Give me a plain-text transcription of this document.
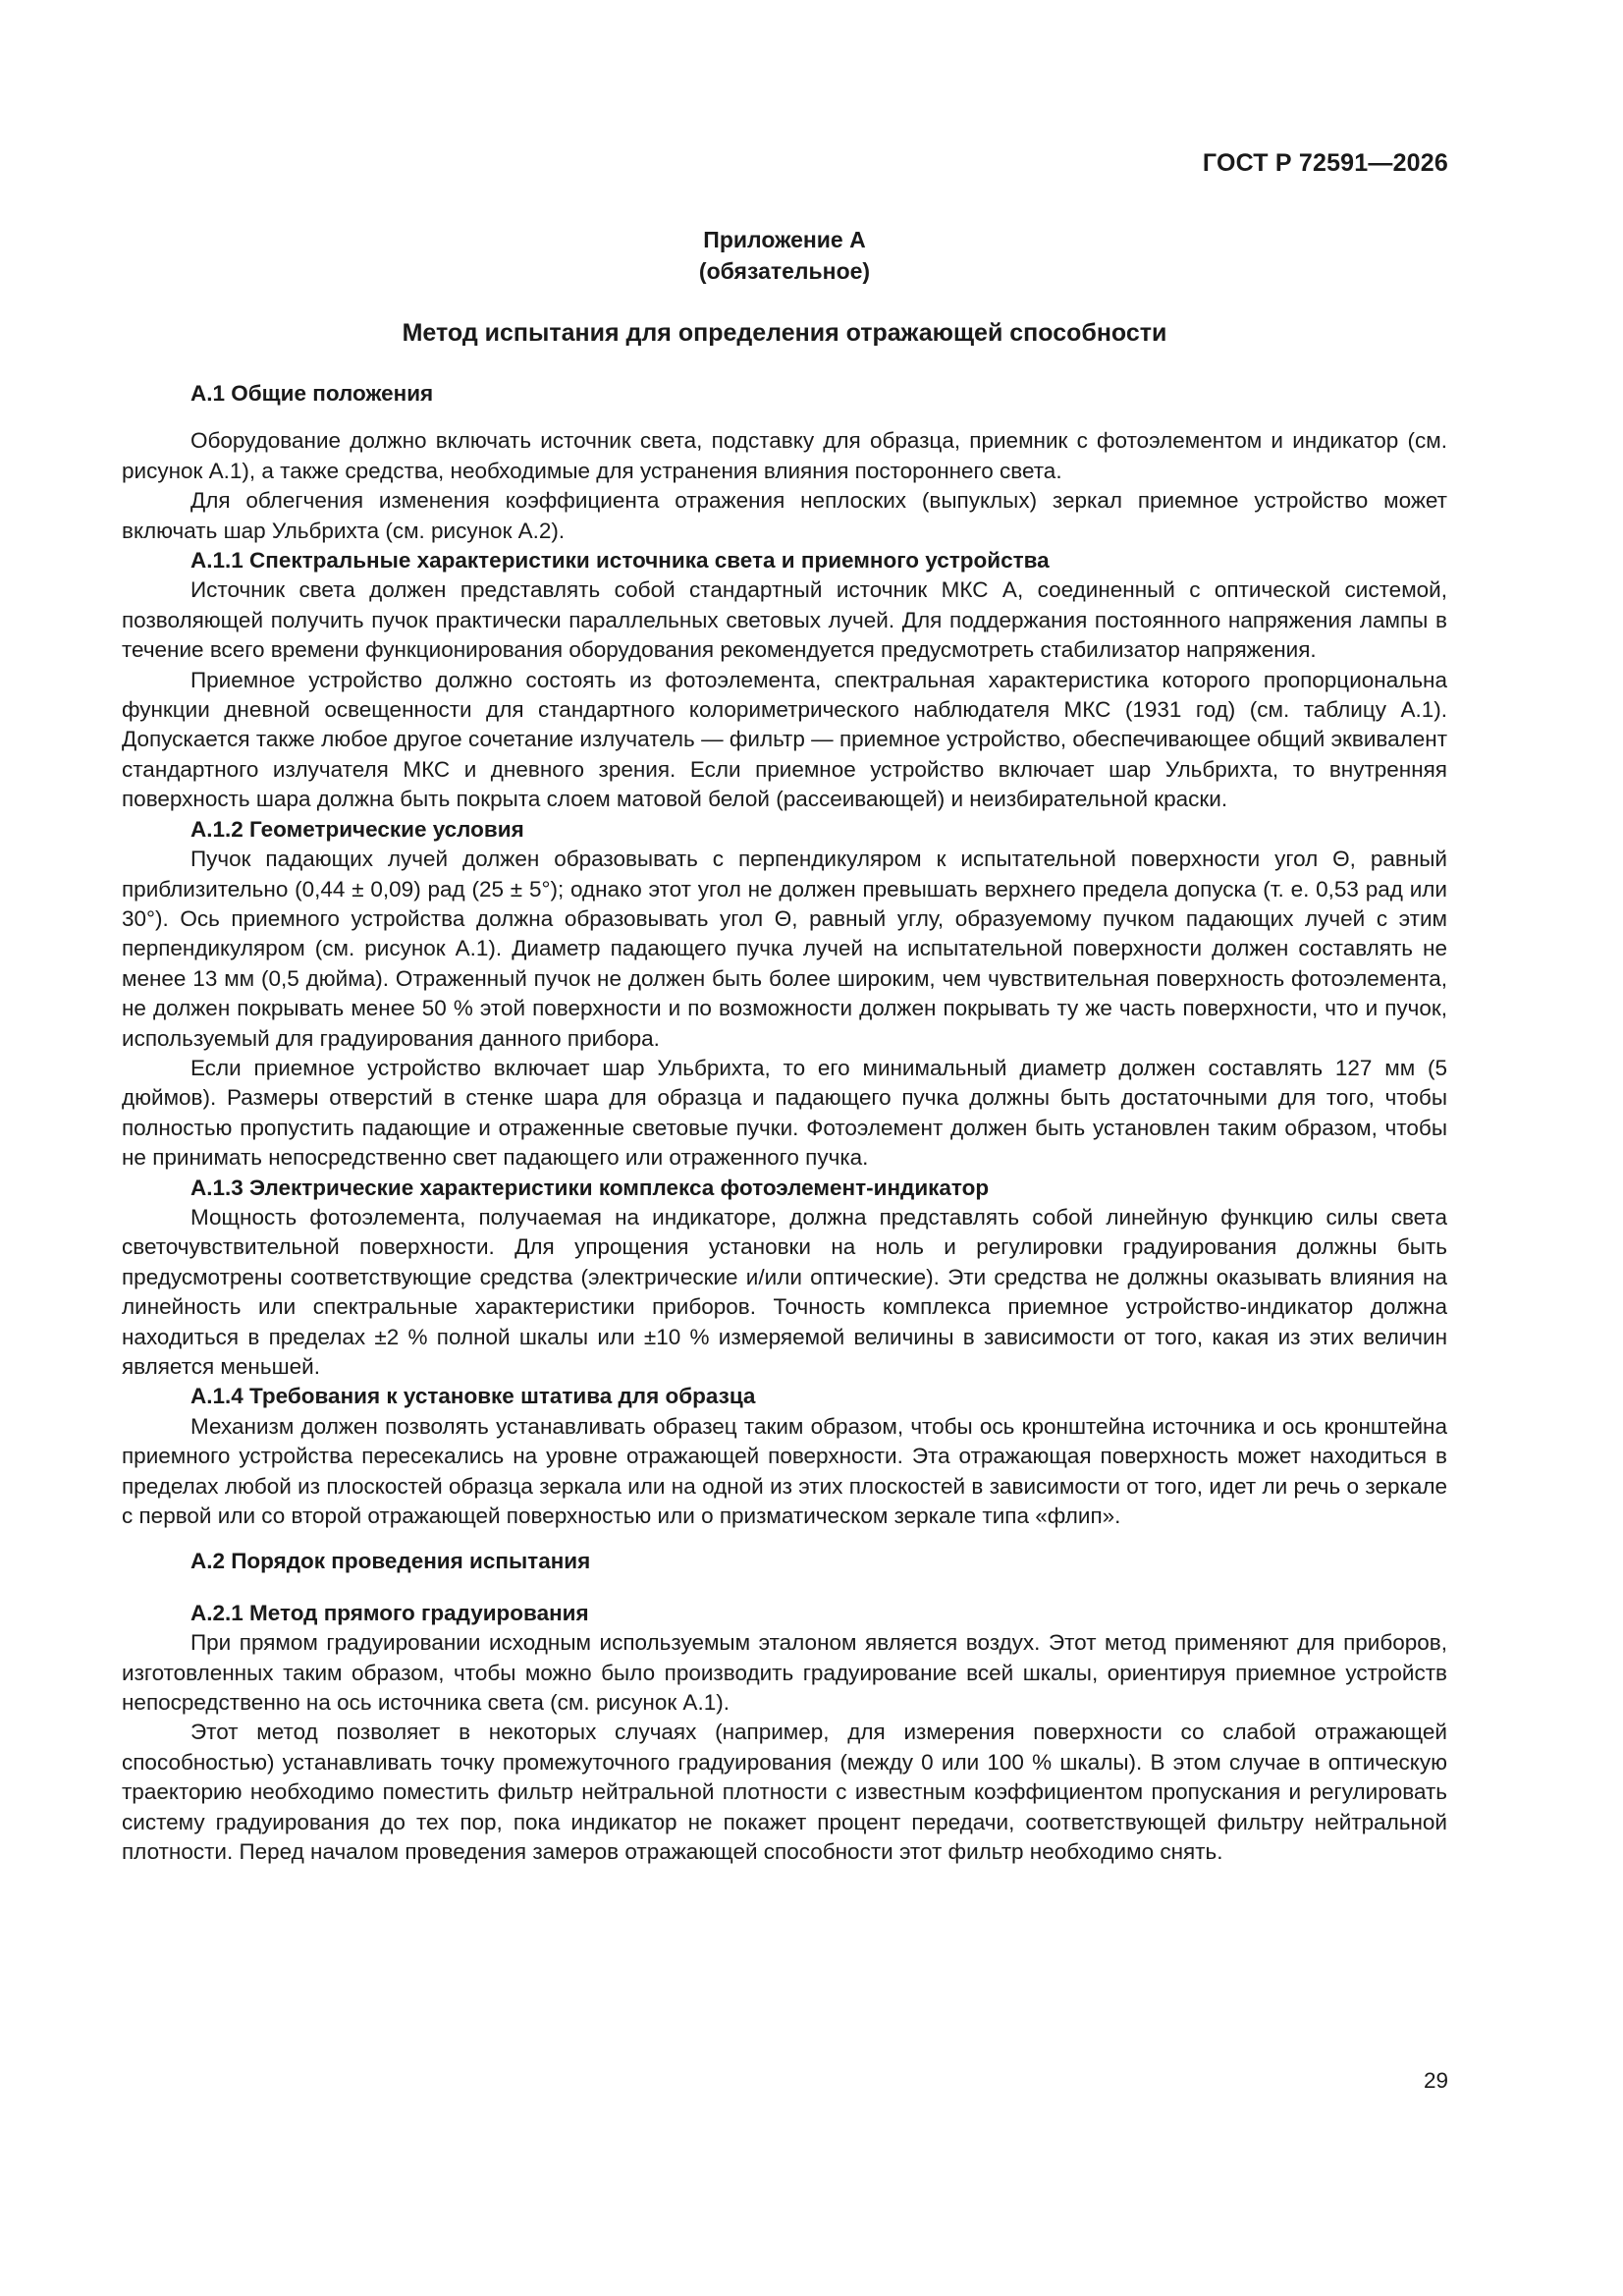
ГОСТ Р 72591—2026
Приложение А
(обязательное)
Метод испытания для определения отражающей способности
А.1 Общие положения

Оборудование должно включать источник света, подставку для образца, приемник с фотоэлементом и индикатор (см. рисунок А.1), а также средства, необходимые для устранения влияния постороннего света.

Для облегчения изменения коэффициента отражения неплоских (выпуклых) зеркал приемное устройство может включать шар Ульбрихта (см. рисунок А.2).

А.1.1 Спектральные характеристики источника света и приемного устройства

Источник света должен представлять собой стандартный источник МКС А, соединенный с оптической системой, позволяющей получить пучок практически параллельных световых лучей. Для поддержания постоянного напряжения лампы в течение всего времени функционирования оборудования рекомендуется предусмотреть стабилизатор напряжения.

Приемное устройство должно состоять из фотоэлемента, спектральная характеристика которого пропорциональна функции дневной освещенности для стандартного колориметрического наблюдателя МКС (1931 год) (см. таблицу А.1). Допускается также любое другое сочетание излучатель — фильтр — приемное устройство, обеспечивающее общий эквивалент стандартного излучателя МКС и дневного зрения. Если приемное устройство включает шар Ульбрихта, то внутренняя поверхность шара должна быть покрыта слоем матовой белой (рассеивающей) и неизбирательной краски.

А.1.2 Геометрические условия

Пучок падающих лучей должен образовывать с перпендикуляром к испытательной поверхности угол Θ, равный приблизительно (0,44 ± 0,09) рад (25 ± 5°); однако этот угол не должен превышать верхнего предела допуска (т. е. 0,53 рад или 30°). Ось приемного устройства должна образовывать угол Θ, равный углу, образуемому пучком падающих лучей с этим перпендикуляром (см. рисунок А.1). Диаметр падающего пучка лучей на испытательной поверхности должен составлять не менее 13 мм (0,5 дюйма). Отраженный пучок не должен быть более широким, чем чувствительная поверхность фотоэлемента, не должен покрывать менее 50 % этой поверхности и по возможности должен покрывать ту же часть поверхности, что и пучок, используемый для градуирования данного прибора.

Если приемное устройство включает шар Ульбрихта, то его минимальный диаметр должен составлять 127 мм (5 дюймов). Размеры отверстий в стенке шара для образца и падающего пучка должны быть достаточными для того, чтобы полностью пропустить падающие и отраженные световые пучки. Фотоэлемент должен быть установлен таким образом, чтобы не принимать непосредственно свет падающего или отраженного пучка.

А.1.3 Электрические характеристики комплекса фотоэлемент-индикатор

Мощность фотоэлемента, получаемая на индикаторе, должна представлять собой линейную функцию силы света светочувствительной поверхности. Для упрощения установки на ноль и регулировки градуирования должны быть предусмотрены соответствующие средства (электрические и/или оптические). Эти средства не должны оказывать влияния на линейность или спектральные характеристики приборов. Точность комплекса приемное устройство-индикатор должна находиться в пределах ±2 % полной шкалы или ±10 % измеряемой величины в зависимости от того, какая из этих величин является меньшей.

А.1.4 Требования к установке штатива для образца

Механизм должен позволять устанавливать образец таким образом, чтобы ось кронштейна источника и ось кронштейна приемного устройства пересекались на уровне отражающей поверхности. Эта отражающая поверхность может находиться в пределах любой из плоскостей образца зеркала или на одной из этих плоскостей в зависимости от того, идет ли речь о зеркале с первой или со второй отражающей поверхностью или о призматическом зеркале типа «флип».

А.2 Порядок проведения испытания
А.2.1 Метод прямого градуирования

При прямом градуировании исходным используемым эталоном является воздух. Этот метод применяют для приборов, изготовленных таким образом, чтобы можно было производить градуирование всей шкалы, ориентируя приемное устройств непосредственно на ось источника света (см. рисунок А.1).

Этот метод позволяет в некоторых случаях (например, для измерения поверхности со слабой отражающей способностью) устанавливать точку промежуточного градуирования (между 0 или 100 % шкалы). В этом случае в оптическую траекторию необходимо поместить фильтр нейтральной плотности с известным коэффициентом пропускания и регулировать систему градуирования до тех пор, пока индикатор не покажет процент передачи, соответствующей фильтру нейтральной плотности. Перед началом проведения замеров отражающей способности этот фильтр необходимо снять.

29
